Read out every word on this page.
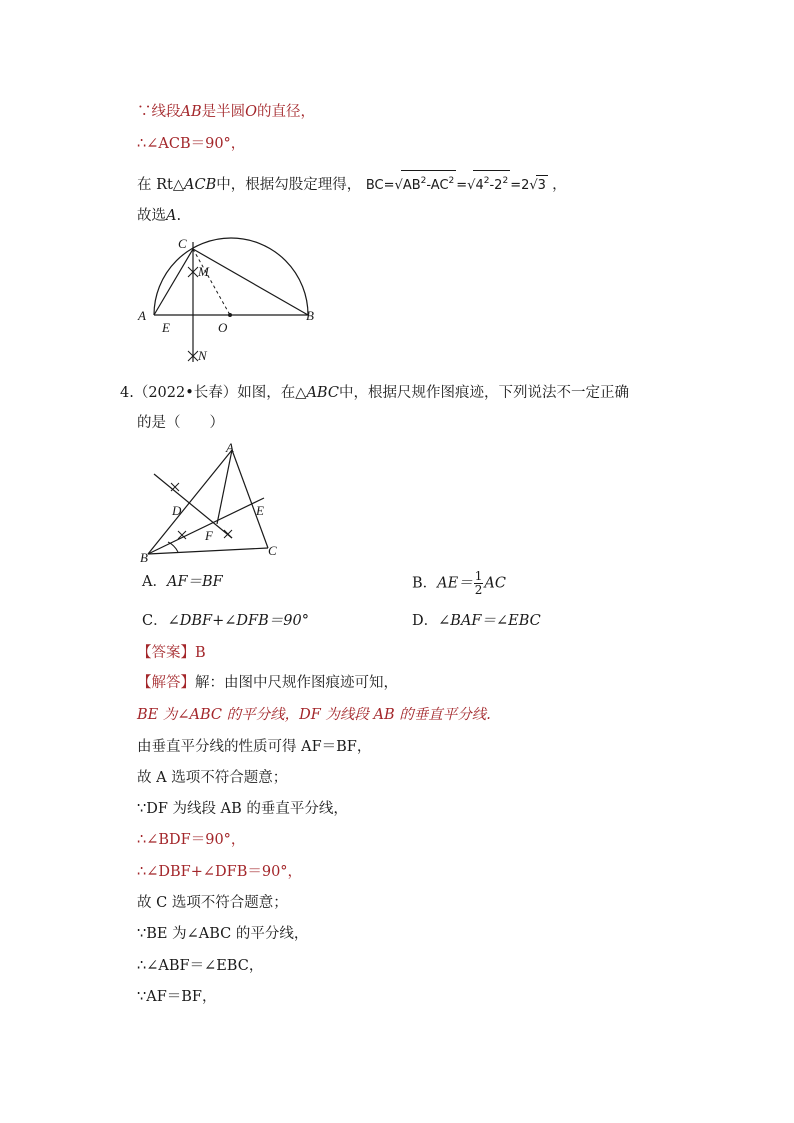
∵线段AB是半圆O的直径，
∴∠ACB＝90°，
在 Rt△ACB中，根据勾股定理得， $BC=√AB^2-AC^2 =√4^2-2^2 =2√3$ ，
故选A.
C
M
A
E	O
B
N
4.（2022•长春）如图，在△ABC中，根据尺规作图痕迹，下列说法不一定正确
的是（　　）
A
D	E
F
B	C
A．AF＝BF	B．$AE= \frac{1}{2}$ AC
C．∠DBF+∠DFB＝90°	D．∠BAF＝∠EBC
【答案】B
【解答】解：由图中尺规作图痕迹可知，
BE 为∠ABC 的平分线，DF 为线段 AB 的垂直平分线.
由垂直平分线的性质可得 AF＝BF，
故 A 选项不符合题意；
∵DF 为线段 AB 的垂直平分线，
∴∠BDF＝90°，
∴∠DBF+∠DFB＝90°，
故 C 选项不符合题意；
∵BE 为∠ABC 的平分线，
∴∠ABF＝∠EBC，
∵AF＝BF，
